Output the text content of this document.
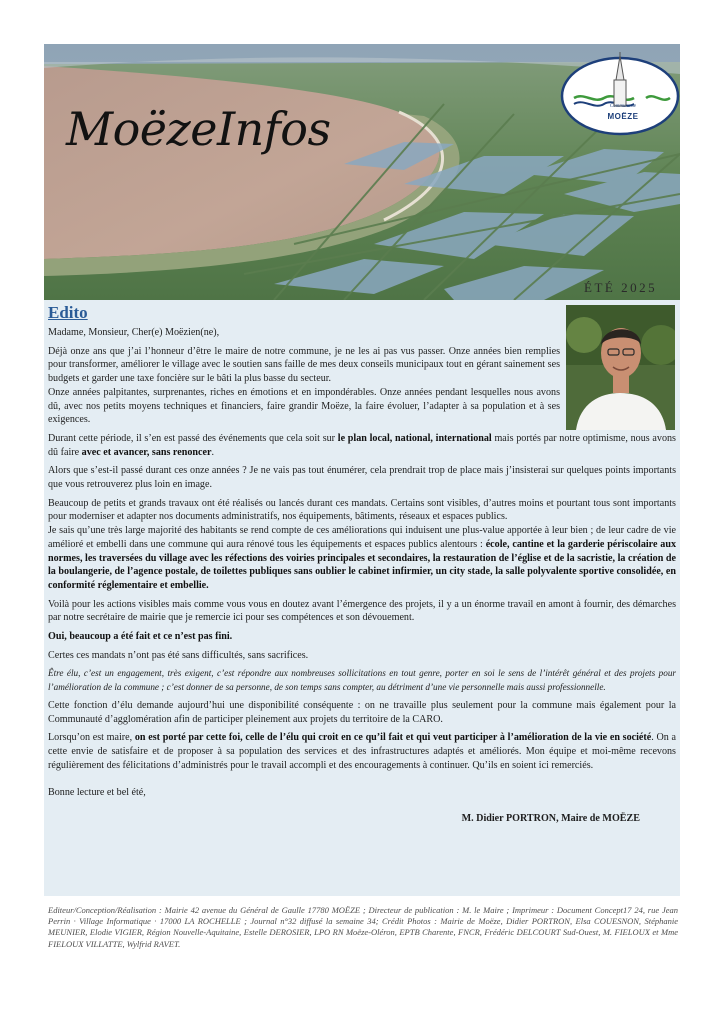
MoëzeInfos	Commune de
MOËZE

ÉTÉ 2025

Edito

Madame, Monsieur, Cher(e) Moëzien(ne),

Déjà onze ans que j’ai l’honneur d’être le maire de notre commune, je ne les ai pas vus passer. Onze années bien remplies pour transformer, améliorer le village avec le soutien sans faille de mes deux conseils municipaux tout en gérant sainement ses budgets et garder une taxe foncière sur le bâti la plus basse du secteur.

Onze années palpitantes, surprenantes, riches en émotions et en impondérables. Onze années pendant lesquelles nous avons dû, avec nos petits moyens techniques et financiers, faire grandir Moëze, la faire évoluer, l’adapter à sa population et à ses exigences.

Durant cette période, il s’en est passé des événements que cela soit sur le plan local, national, international mais portés par notre optimisme, nous avons dû faire avec et avancer, sans renoncer.

Alors que s’est-il passé durant ces onze années ? Je ne vais pas tout énumérer, cela prendrait trop de place mais j’insisterai sur quelques points importants que vous retrouverez plus loin en image.

Beaucoup de petits et grands travaux ont été réalisés ou lancés durant ces mandats. Certains sont visibles, d’autres moins et pourtant tous sont importants pour moderniser et adapter nos documents administratifs, nos équipements, bâtiments, réseaux et espaces publics.

Je sais qu’une très large majorité des habitants se rend compte de ces améliorations qui induisent une plus-value apportée à leur bien ; de leur cadre de vie amélioré et embelli dans une commune qui aura rénové tous les équipements et espaces publics alentours : école, cantine et la garderie périscolaire aux normes, les traversées du village avec les réfections des voiries principales et secondaires, la restauration de l’église et de la sacristie, la création de la boulangerie, de l’agence postale, de toilettes publiques sans oublier le cabinet infirmier, un city stade, la salle polyvalente sportive consolidée, en conformité réglementaire et embellie.

Voilà pour les actions visibles mais comme vous vous en doutez avant l’émergence des projets, il y a un énorme travail en amont à fournir, des démarches par notre secrétaire de mairie que je remercie ici pour ses compétences et son dévouement.

Oui, beaucoup a été fait et ce n’est pas fini.

Certes ces mandats n’ont pas été sans difficultés, sans sacrifices.

Être élu, c’est un engagement, très exigent, c’est répondre aux nombreuses sollicitations en tout genre, porter en soi le sens de l’intérêt général et des projets pour l’amélioration de la commune ; c’est donner de sa personne, de son temps sans compter, au détriment d’une vie personnelle mais aussi professionnelle.

Cette fonction d’élu demande aujourd’hui une disponibilité conséquente : on ne travaille plus seulement pour la commune mais également pour la Communauté d’agglomération afin de participer pleinement aux projets du territoire de la CARO.

Lorsqu’on est maire, on est porté par cette foi, celle de l’élu qui croit en ce qu’il fait et qui veut participer à l’amélioration de la vie en société. On a cette envie de satisfaire et de proposer à sa population des services et des infrastructures adaptés et améliorés. Mon équipe et moi-même recevons régulièrement des félicitations d’administrés pour le travail accompli et des encouragements à continuer. Qu’ils en soient ici remerciés.

Bonne lecture et bel été,

M. Didier PORTRON, Maire de MOËZE

Editeur/Conception/Réalisation : Mairie 42 avenue du Général de Gaulle 17780 MOËZE ; Directeur de publication : M. le Maire ; Imprimeur : Document Concept17 24, rue Jean Perrin · Village Informatique · 17000 LA ROCHELLE ; Journal n°32 diffusé la semaine 34; Crédit Photos : Mairie de Moëze, Didier PORTRON, Elsa COUESNON, Stéphanie MEUNIER, Elodie VIGIER, Région Nouvelle-Aquitaine, Estelle DEROSIER, LPO RN Moëze-Oléron, EPTB Charente, FNCR, Frédéric DELCOURT Sud-Ouest, M. FIELOUX et Mme FIELOUX VILLATTE, Wylfrid RAVET.
